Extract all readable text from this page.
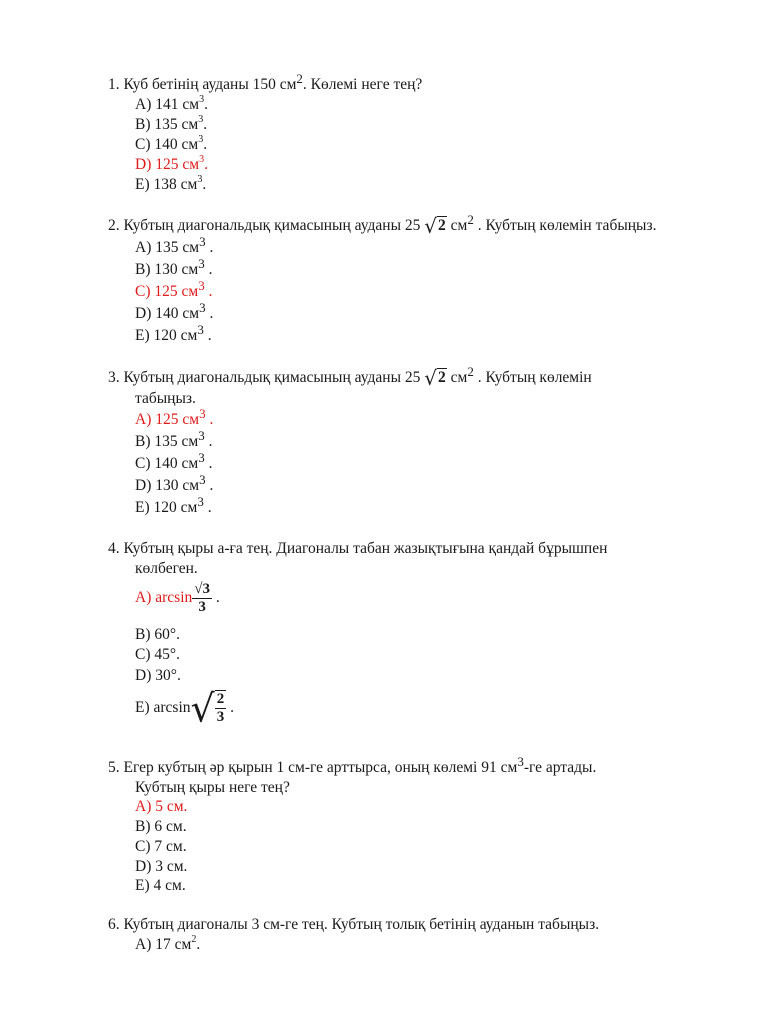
1. Куб бетінің ауданы 150 $см^2$. Көлемі неге тең?
A) 141 $см^3$.
B) 135 $см^3$.
C) 140 $см^3$.
D) 125 $см^3$.
E) 138 $см^3$.
2. Кубтың диагональдық қимасының ауданы 25 √2 $см^2$ . Кубтың көлемін табыңыз.
A) 135 $см^3$ .
B) 130 $см^3$ .
C) 125 $см^3$ .
D) 140 $см^3$ .
E) 120 $см^3$ .
3. Кубтың диагональдық қимасының ауданы 25 √2 $см^2$ . Кубтың көлемін
табыңыз.
A) 125 $см^3$ .
B) 135 $см^3$ .
C) 140 $см^3$ .
D) 130 $см^3$ .
E) 120 $см^3$ .
4. Кубтың қыры a-ға тең. Диагоналы табан жазықтығына қандай бұрышпен
көлбеген.
A) $\arcsin \frac{√3}{3}$ .
B) 60°.
C) 45°.
D) 30°.
E) $\arcsin√ \frac{2}{3}$ .
5. Егер кубтың әр қырын 1 см-ге арттырса, оның көлемі 91 $см^3-ге$ артады.
Кубтың қыры неге тең?
A) 5 см.
B) 6 см.
C) 7 см.
D) 3 см.
E) 4 см.
6. Кубтың диагоналы 3 см-ге тең. Кубтың толық бетінің ауданын табыңыз.
A) 17 $см^2$.
